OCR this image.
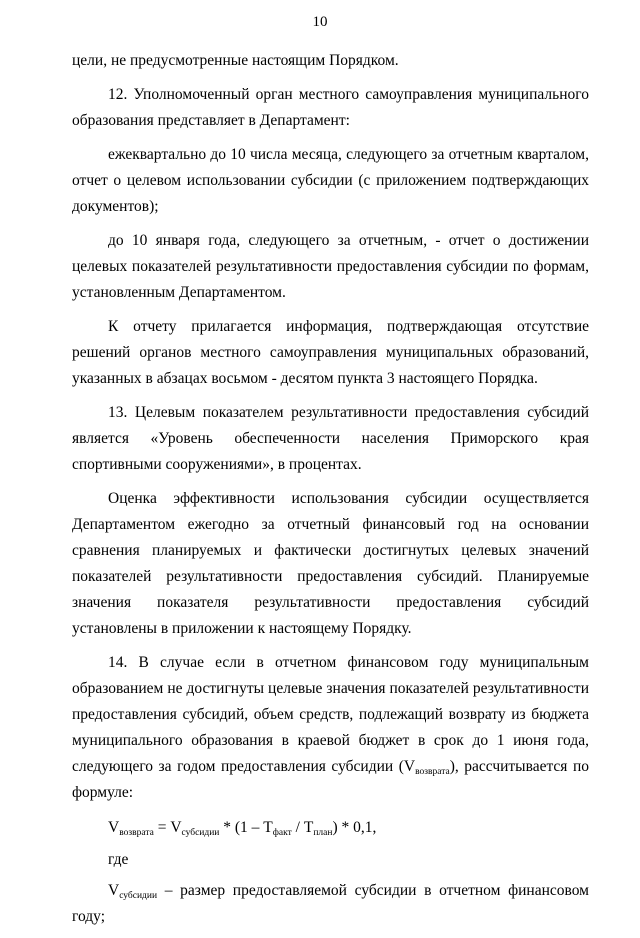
10

цели, не предусмотренные настоящим Порядком.

12. Уполномоченный орган местного самоуправления муниципального образования представляет в Департамент:

ежеквартально до 10 числа месяца, следующего за отчетным кварталом, отчет о целевом использовании субсидии (с приложением подтверждающих документов);

до 10 января года, следующего за отчетным, - отчет о достижении целевых показателей результативности предоставления субсидии по формам, установленным Департаментом.

К отчету прилагается информация, подтверждающая отсутствие решений органов местного самоуправления муниципальных образований, указанных в абзацах восьмом - десятом пункта 3 настоящего Порядка.

13. Целевым показателем результативности предоставления субсидий является «Уровень обеспеченности населения Приморского края спортивными сооружениями», в процентах.

Оценка эффективности использования субсидии осуществляется Департаментом ежегодно за отчетный финансовый год на основании сравнения планируемых и фактически достигнутых целевых значений показателей результативности предоставления субсидий. Планируемые значения показателя результативности предоставления субсидий установлены в приложении к настоящему Порядку.

14. В случае если в отчетном финансовом году муниципальным образованием не достигнуты целевые значения показателей результативности предоставления субсидий, объем средств, подлежащий возврату из бюджета муниципального образования в краевой бюджет в срок до 1 июня года, следующего за годом предоставления субсидии $(V_{возврата})$, рассчитывается по формуле:

$V_{возврата} = V_{субсидии} * (1 - T_{факт} / T_{план}) * 0,1$,
где

$V_{субсидии}$ – размер предоставляемой субсидии в отчетном финансовом году;
